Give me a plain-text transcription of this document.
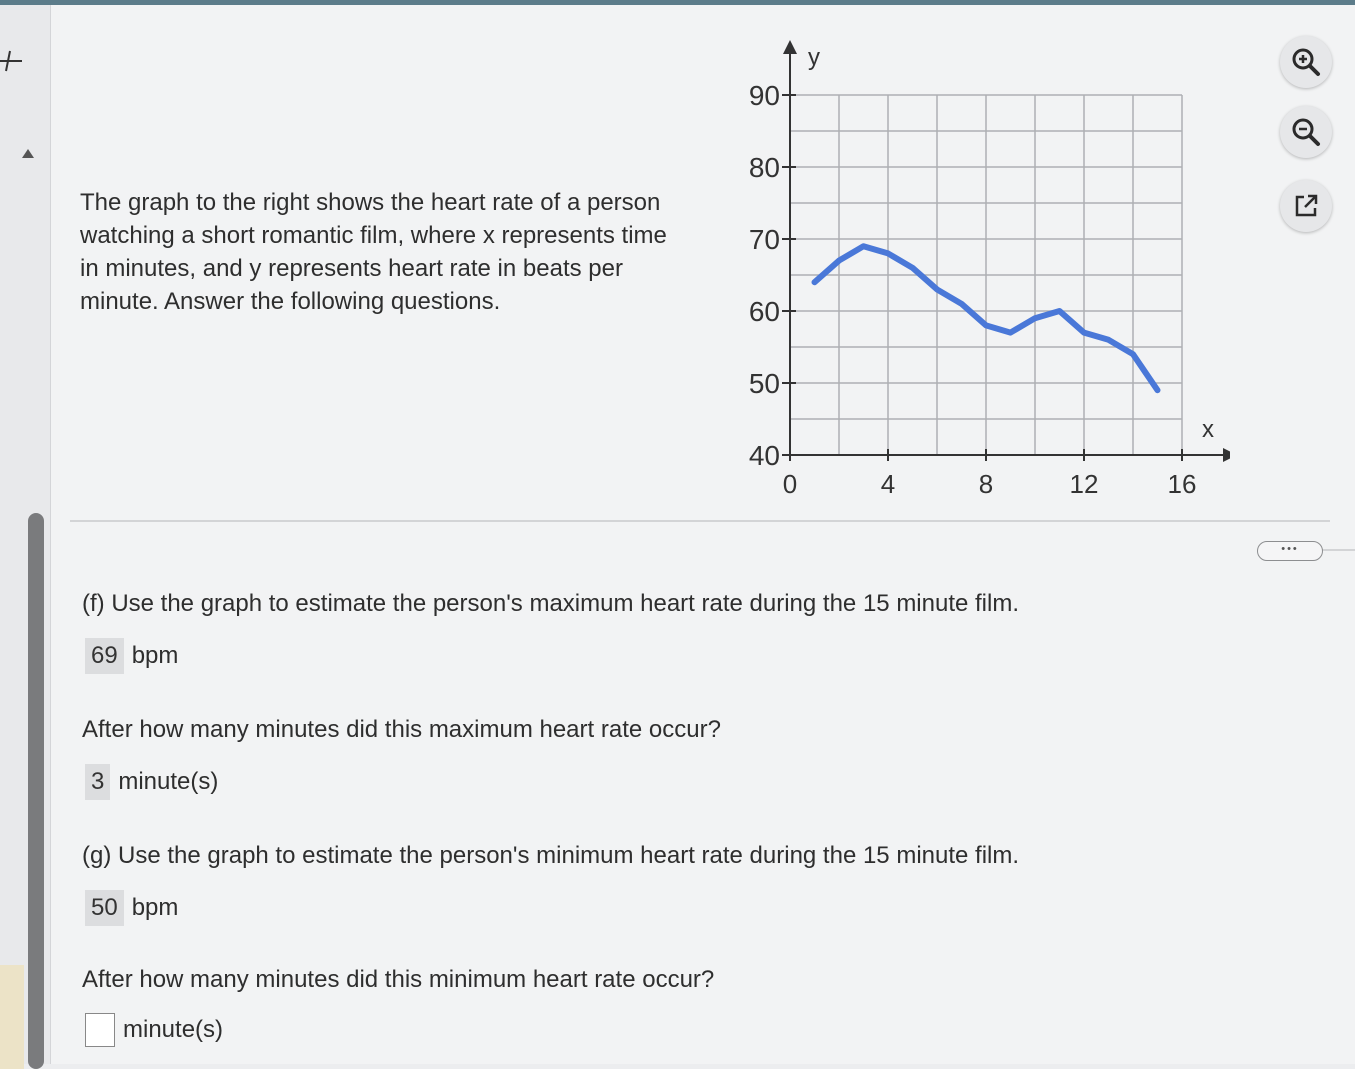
The graph to the right shows the heart rate of a person watching a short romantic film, where x represents time in minutes, and y represents heart rate in beats per minute. Answer the following questions.
0	4	8	12	16
40
50
60
70
80
90
x
y
•••
(f) Use the graph to estimate the person's maximum heart rate during the 15 minute film.
69 bpm
After how many minutes did this maximum heart rate occur?
3 minute(s)
(g) Use the graph to estimate the person's minimum heart rate during the 15 minute film.
50 bpm
After how many minutes did this minimum heart rate occur?
minute(s)
